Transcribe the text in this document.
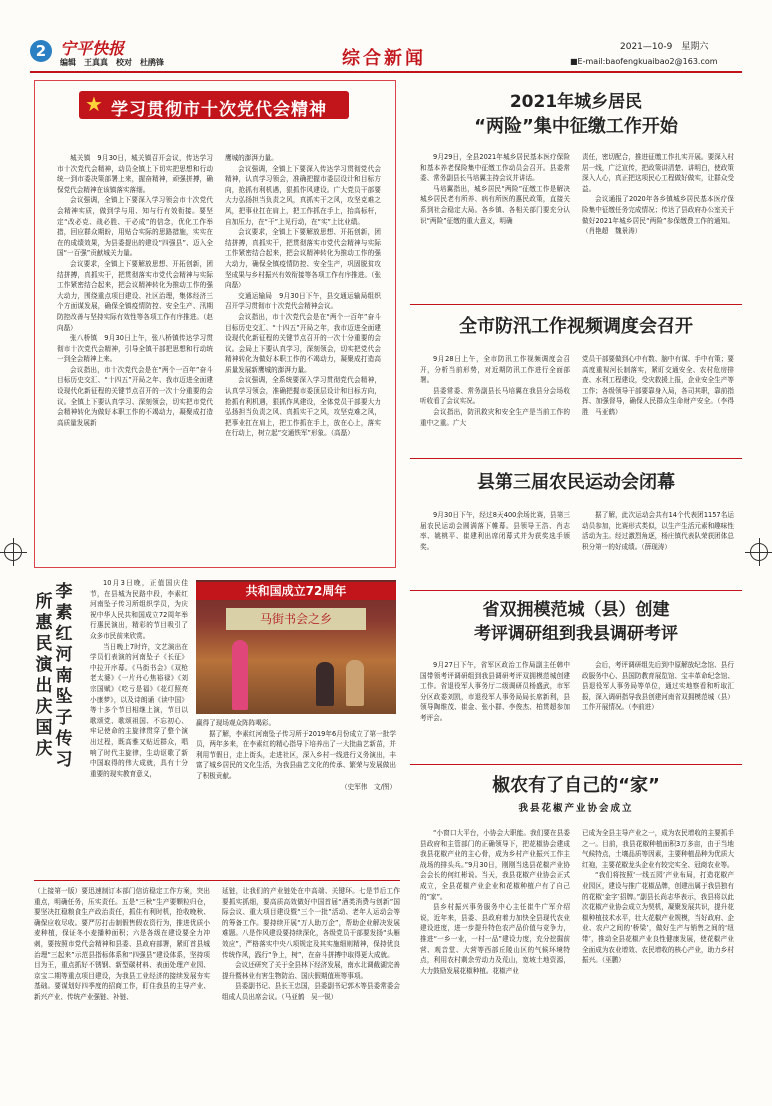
2 宁平快报
编辑　王真真　校对　杜鹃锋	综合新闻
2021—10-9　星期六
■E-mail:baofengkuaibao2@163.com
★ 学习贯彻市十次党代会精神

城关镇　9月30日，城关镇召开会议，传达学习市十次党代会精神，动员全镇上下切实把思想和行动统一到市委决策部署上来，握奋精神，顽强拼搏，确保党代会精神在该镇落实落细。

会议强调，全镇上下要深入学习领会市十次党代会精神实质，做到学与用、知与行有效衔接。要坚定“改必克、战必胜、干必成”的信念，优化工作举措，回应群众期盼，用贴合实际的思路措施，实实在在的成绩效果，为县委提出的建设“四强县”、迈入全国“一百强”贡献城关力量。

会议要求，全镇上下要解放思想、开拓创新，团结拼搏，真抓实干，把贯彻落实市党代会精神与实际工作紧密结合起来，把会议精神转化为推动工作的强大动力，围绕重点项目建设、社区治理，集体经济三个方面谋发展，确保全镇疫情防控、安全生产、汛期防控改善与坚持实际有效性等各项工作有序推进。（赵向磊）

张八桥镇　9月30日上午，张八桥镇传达学习贯彻市十次党代会精神，引导全镇干部把思想和行动统一到全会精神上来。

会议指出，市十次党代会是在“两个一百年”奋斗目标历史交汇、“十四五”开局之年、我市迈进全面建设现代化新征程的关键节点召开的一次十分重要的会议。全镇上下要认真学习、深刻领会，切实把市党代会精神转化为做好本职工作的不竭动力，凝聚成打造高质量发展新

鹰城的澎湃力量。

会议强调，全镇上下要深入传达学习贯彻党代会精神，认真学习领会，准确把握市委层设计和目标方向，抢抓有利机遇，狠抓作风建设。广大党员干部要大力弘扬担当负责之风，真抓实干之风，攻坚克难之风，把事业扛在肩上，把工作抓在手上，抬高标杆，自加压力，在“干”上见行动，在“实”上比业绩。

会议要求，全镇上下要解放思想、开拓创新，团结拼搏，真抓实干，把贯彻落实市党代会精神与实际工作紧密结合起来，把会议精神转化为推动工作的强大动力，确保全镇疫情防控、安全生产，巩固脱贫攻坚成果与乡村振兴有效衔接等各项工作有序推进。（张向磊）

交通运输局　9月30日下午，县交通运输局组织召开学习贯彻市十次党代会精神会议。

会议指出，市十次党代会是在“两个一百年”奋斗目标历史交汇、“十四五”开局之年，我市迈进全面建设现代化新征程的关键节点召开的一次十分重要的会议。会局上下要认真学习，深刻领会，切实把党代会精神转化为做好本职工作的不竭动力，凝聚成打造高质量发展新鹰城的澎湃力量。

会议强调，全系统要深入学习贯彻党代会精神，认真学习领会，准确把握市委顶层设计和目标方向，抢抓有利机遇，狠抓作风建设，全体党员干部要大力弘扬担当负责之风、真抓实干之风，攻坚克难之风，把事业扛在肩上，把工作抓在手上，放在心上，落实在行动上，树立起“交通铁军”形象。（高磊）

2021年城乡居民
“两险”集中征缴工作开始

9月29日，全县2021年城乡居民基本医疗保险和基本养老保险集中征缴工作动员会召开。县委常委、常务副县长马培翼主持会议并讲话。

马培翼指出，城乡居民“两险”征缴工作是解决城乡居民老有所养、病有所医的惠民政策，直接关系到社会稳定大局。各乡镇、各相关部门要充分认识“两险”征缴的重大意义，明确

责任，密切配合，推进征缴工作扎实开展。要深入村居一线，广泛宣传，把政策讲清楚、讲明白，使政策深入人心，真正把这项民心工程做好做实，让群众受益。

会议通报了2020年各乡镇城乡居民基本医疗保险集中征缴任务完成情况；传达了县政府办公室关于做好2021年城乡居民“两险”参保缴费工作的通知。（肖艳超　魏景涛）

全市防汛工作视频调度会召开

9月28日上午，全市防汛工作视频调度会召开，分析当前形势，对近期防汛工作进行全面部署。

县委常委、常务副县长马培翼在我县分会场收听收看了会议实况。

会议指出，防汛救灾和安全生产是当前工作的重中之重。广大

党员干部要做到心中有数、脑中有谋、手中有策；要高度重视河长制落实，紧盯交通安全、农村危房排查、水利工程建设，受灾救援上报，企业安全生产等工作；各级领导干部要靠身入局，各司其职，靠前指挥、加强督导，确保人民群众生命财产安全。（李得胜　马亚鹤）

县第三届农民运动会闭幕

9月30日下午，经过8天400余场比赛，县第三届农民运动会圆满落下帷幕。县领导王浩、肖志率、姚桃平、崔建利出席闭幕式并为获奖选手颁奖。

据了解，此次运动会共有14个代表团1157名运动员参加，比赛形式类似，以生产生活元素和趣味性活动为主。经过激烈角逐，杨庄镇代表队荣获团体总积分第一的好成绩。（薛现涛）

省双拥模范城（县）创建
考评调研组到我县调研考评

9月27日下午，省军区政治工作局副主任韩中国带领考评调研组到我县调研考评双拥模范城创建工作。省退役军人事务厅二级调研员杨盛武，市军分区政委刘凯，市退役军人事务局局长席新利，县领导陶维茂、崔金、张小群、李俊杰、柏贯超参加考评会。

会后，考评调研组先后到中原解放纪念馆、县行政服务中心、县国防教育展览馆、宝丰革命纪念馆、县退役军人事务局等单位，通过实地察看和听取汇报，深入调研指导我县创建河南省双拥模范城（县）工作开展情况。（李前进）

椒农有了自己的“家”
我县花椒产业协会成立

“小窗口大平台，小协会大职能。我们要在县委县政府和主管部门的正确领导下，把花椒协会建成我县花椒产业的主心骨，成为乡村产业振兴工作主战场的排头兵。”9月30日，刚刚当选县花椒产业协会会长的何红彬说。当天，我县花椒产业协会正式成立，全县花椒产业企业和花椒种植户有了自己的“家”。

县乡村振兴事务服务中心主任崔牛广军介绍说，近年来，县委、县政府着力加快全县现代农业建设进度，进一步提升特色农产品价值与竞争力，推进“一乡一业，一村一品”建设力度，充分挖掘前营、观音堂、大营等西部丘陵山区的气候环境特点，利用农村剩余劳动力及荒山，宽坡土地资源，大力鼓励发展花椒种植。花椒产业

已成为全县主导产业之一，成为农民增收的主要抓手之一。目前，我县花椒种植面积3万多亩，由于当地气候特点，土壤品质等因素，主要种植品种为优质大红袍，主要花椒龙头企业有较完实全、冠商农业等。

“我们将按照‘一线五园’产业布局，打造花椒产业园区，建设与推广花椒品牌，创建出属于我县独有的花椒‘金字’招牌。”副县长尚志华表示，我县将以此次花椒产业协会成立为契机，凝聚发展共识，提升花椒种植技术水平，壮大花椒产业规模，当好政府、企业、农户之间的‘桥梁’，做好生产与销售之间的‘纽带’，推动全县花椒产业良性健康发展，使花椒产业全面成为农业增效、农民增收的核心产业，助力乡村振兴。（巫鹏）

李
素
红
河
南
坠
子
传
习
所
惠
民
演
出
庆
国
庆

10月3日晚，正值国庆佳节，在县城为民路中段，李素红河南坠子传习所组织学员，为庆祝中华人民共和国成立72周年举行惠民演出，精彩的节目吸引了众多市民前来欣赏。

当日晚上7时许，文艺演出在学员们表演的河南坠子《长征》中拉开序幕。《马街书会》《双枪老太婆》《一片丹心焦裕禄》《刘宗国赋》《吃亏是福》《花灯照亮小康梦》，以及诗朗诵《读中国》等十多个节目相继上演，节目以歌颂党、歌颂祖国、不忘初心、牢记使命的主旋律贯穿了整个演出过程，既高雅又贴近群众，唱响了时代主旋律，生动讴歌了新中国取得的伟大成就，具有十分重要的现实教育意义，

共和国成立72周年
马街书会之乡

赢得了现场观众阵阵喝彩。

据了解，李素红河南坠子传习所于2019年6月份成立了第一批学员，两年多来，在李素红的精心指导下培养出了一大批曲艺新苗，并利用节假日，走上街头，走进社区，深入乡村一线进行义务演出，丰富了城乡居民的文化生活，为我县曲艺文化的传承、繁荣与发展做出了积极贡献。

（史军伟　文/图）

（上接第一版）要迅速制订本部门信访稳定工作方案，突出重点，明确任务，压实责任。五是“三秋”生产要颗粒归仓，要坚决扛稳粮食生产政治责任，抓住有利时机，抢收晚秋、确保应收尽收。要严厉打击制假售假农资行为，推进优质小麦种植，保证冬小麦播种面积；六是各级在建设要全力冲刺，要按照市党代会精神和县委、县政府部署，紧盯首县城治理“三起来”示范县指标体系和“四强县”建设体系，坚持项目为王，重点抓好不锈钢、新型碳材料、表面处理产业园、京宝二期等重点项目建设，为我县工业经济的接续发展夯实基础。要谋划好四季度的招商工作，盯住我县的主导产业、新兴产业、传统产业强链、补链、

延链，让我们的产业链处在中高端、关键环。七是节后工作要抓实抓细，要高质高效做好中国首届“酒类消费与创新”国际会议、重大项目建设暨“三个一批”活动、老年人运动会等的筹备工作。要持续开展“万人助万企”，帮助企业解决发展难题。八是作风建设要持续深化，各级党员干部要发扬“头雁效应”，严格落实中央八项规定及其实施细则精神，保持优良传统作风，践行“争上，树”，在奋斗拼搏中取得更大成就。

会议还研究了关于全县林下经济发展，南水北调截湖完善提升暨林业有害生物防治、国庆假期值班等事项。

县委副书记、县长王忠国，县委副书记郭木等县委常委会组成人员出席会议。（马亚鹤　吴一锐）
